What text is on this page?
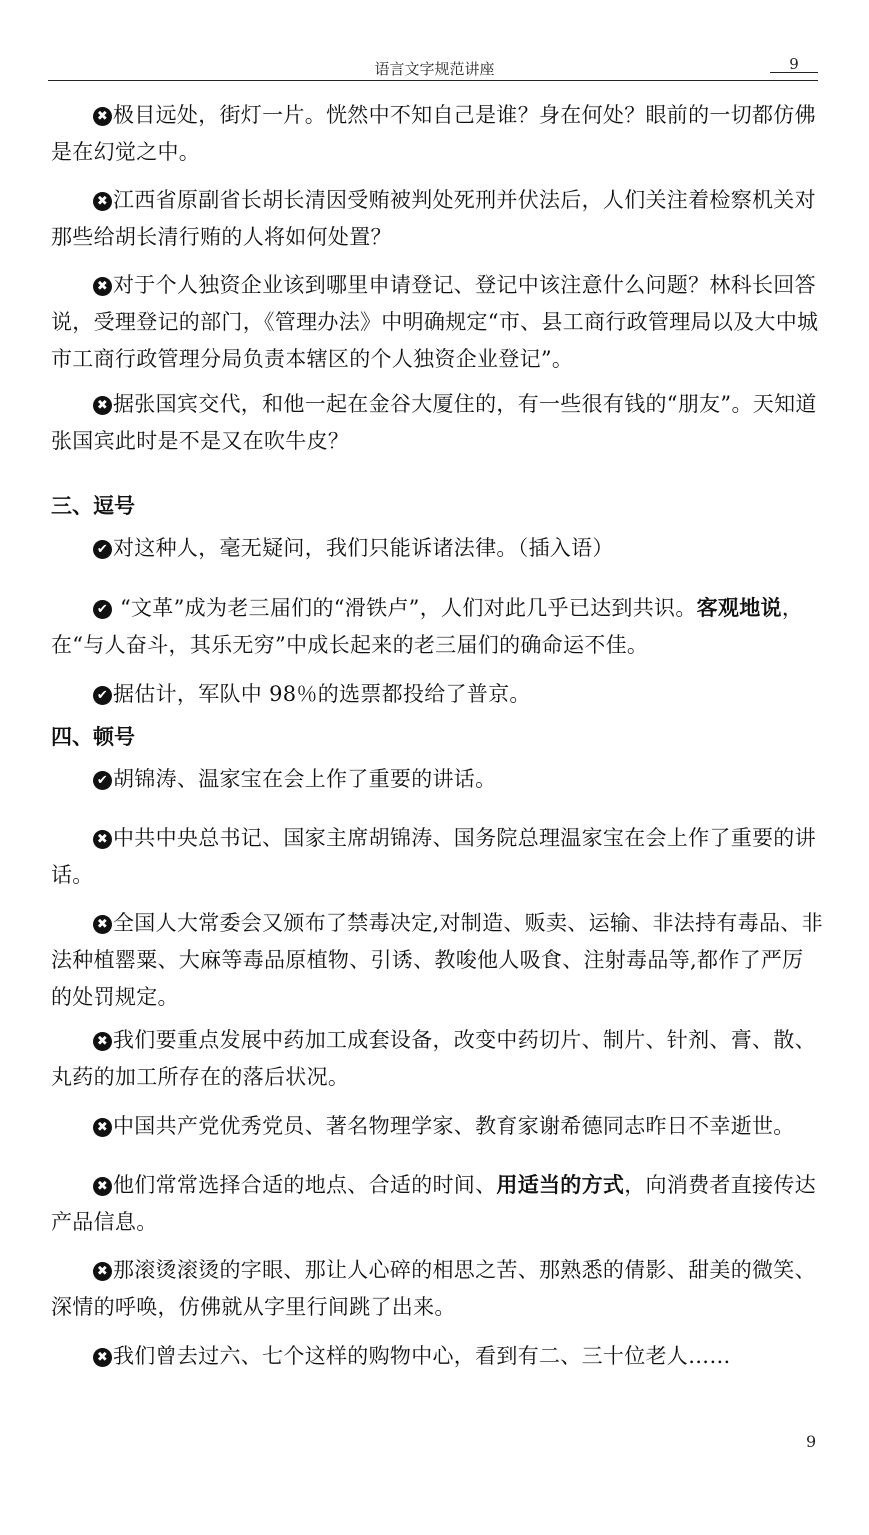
语言文字规范讲座	9

✖ 极目远处，街灯一片。恍然中不知自己是谁？身在何处？眼前的一切都仿佛是在幻觉之中。

✖ 江西省原副省长胡长清因受贿被判处死刑并伏法后，人们关注着检察机关对那些给胡长清行贿的人将如何处置？

✖ 对于个人独资企业该到哪里申请登记、登记中该注意什么问题？林科长回答说，受理登记的部门，《管理办法》中明确规定“市、县工商行政管理局以及大中城市工商行政管理分局负责本辖区的个人独资企业登记”。

✖ 据张国宾交代，和他一起在金谷大厦住的，有一些很有钱的“朋友”。天知道张国宾此时是不是又在吹牛皮？

三、逗号

✔ 对这种人，毫无疑问，我们只能诉诸法律。（插入语）

✔ “文革”成为老三届们的“滑铁卢”，人们对此几乎已达到共识。客观地说，在“与人奋斗，其乐无穷”中成长起来的老三届们的确命运不佳。

✔ 据估计，军队中 98％的选票都投给了普京。

四、顿号

✔ 胡锦涛、温家宝在会上作了重要的讲话。

✖ 中共中央总书记、国家主席胡锦涛、国务院总理温家宝在会上作了重要的讲话。

✖ 全国人大常委会又颁布了禁毒决定,对制造、贩卖、运输、非法持有毒品、非法种植罂粟、大麻等毒品原植物、引诱、教唆他人吸食、注射毒品等,都作了严厉的处罚规定。

✖ 我们要重点发展中药加工成套设备，改变中药切片、制片、针剂、膏、散、丸药的加工所存在的落后状况。

✖ 中国共产党优秀党员、著名物理学家、教育家谢希德同志昨日不幸逝世。

✖ 他们常常选择合适的地点、合适的时间、用适当的方式，向消费者直接传达产品信息。

✖ 那滚烫滚烫的字眼、那让人心碎的相思之苦、那熟悉的倩影、甜美的微笑、深情的呼唤，仿佛就从字里行间跳了出来。

✖ 我们曾去过六、七个这样的购物中心，看到有二、三十位老人……

9
